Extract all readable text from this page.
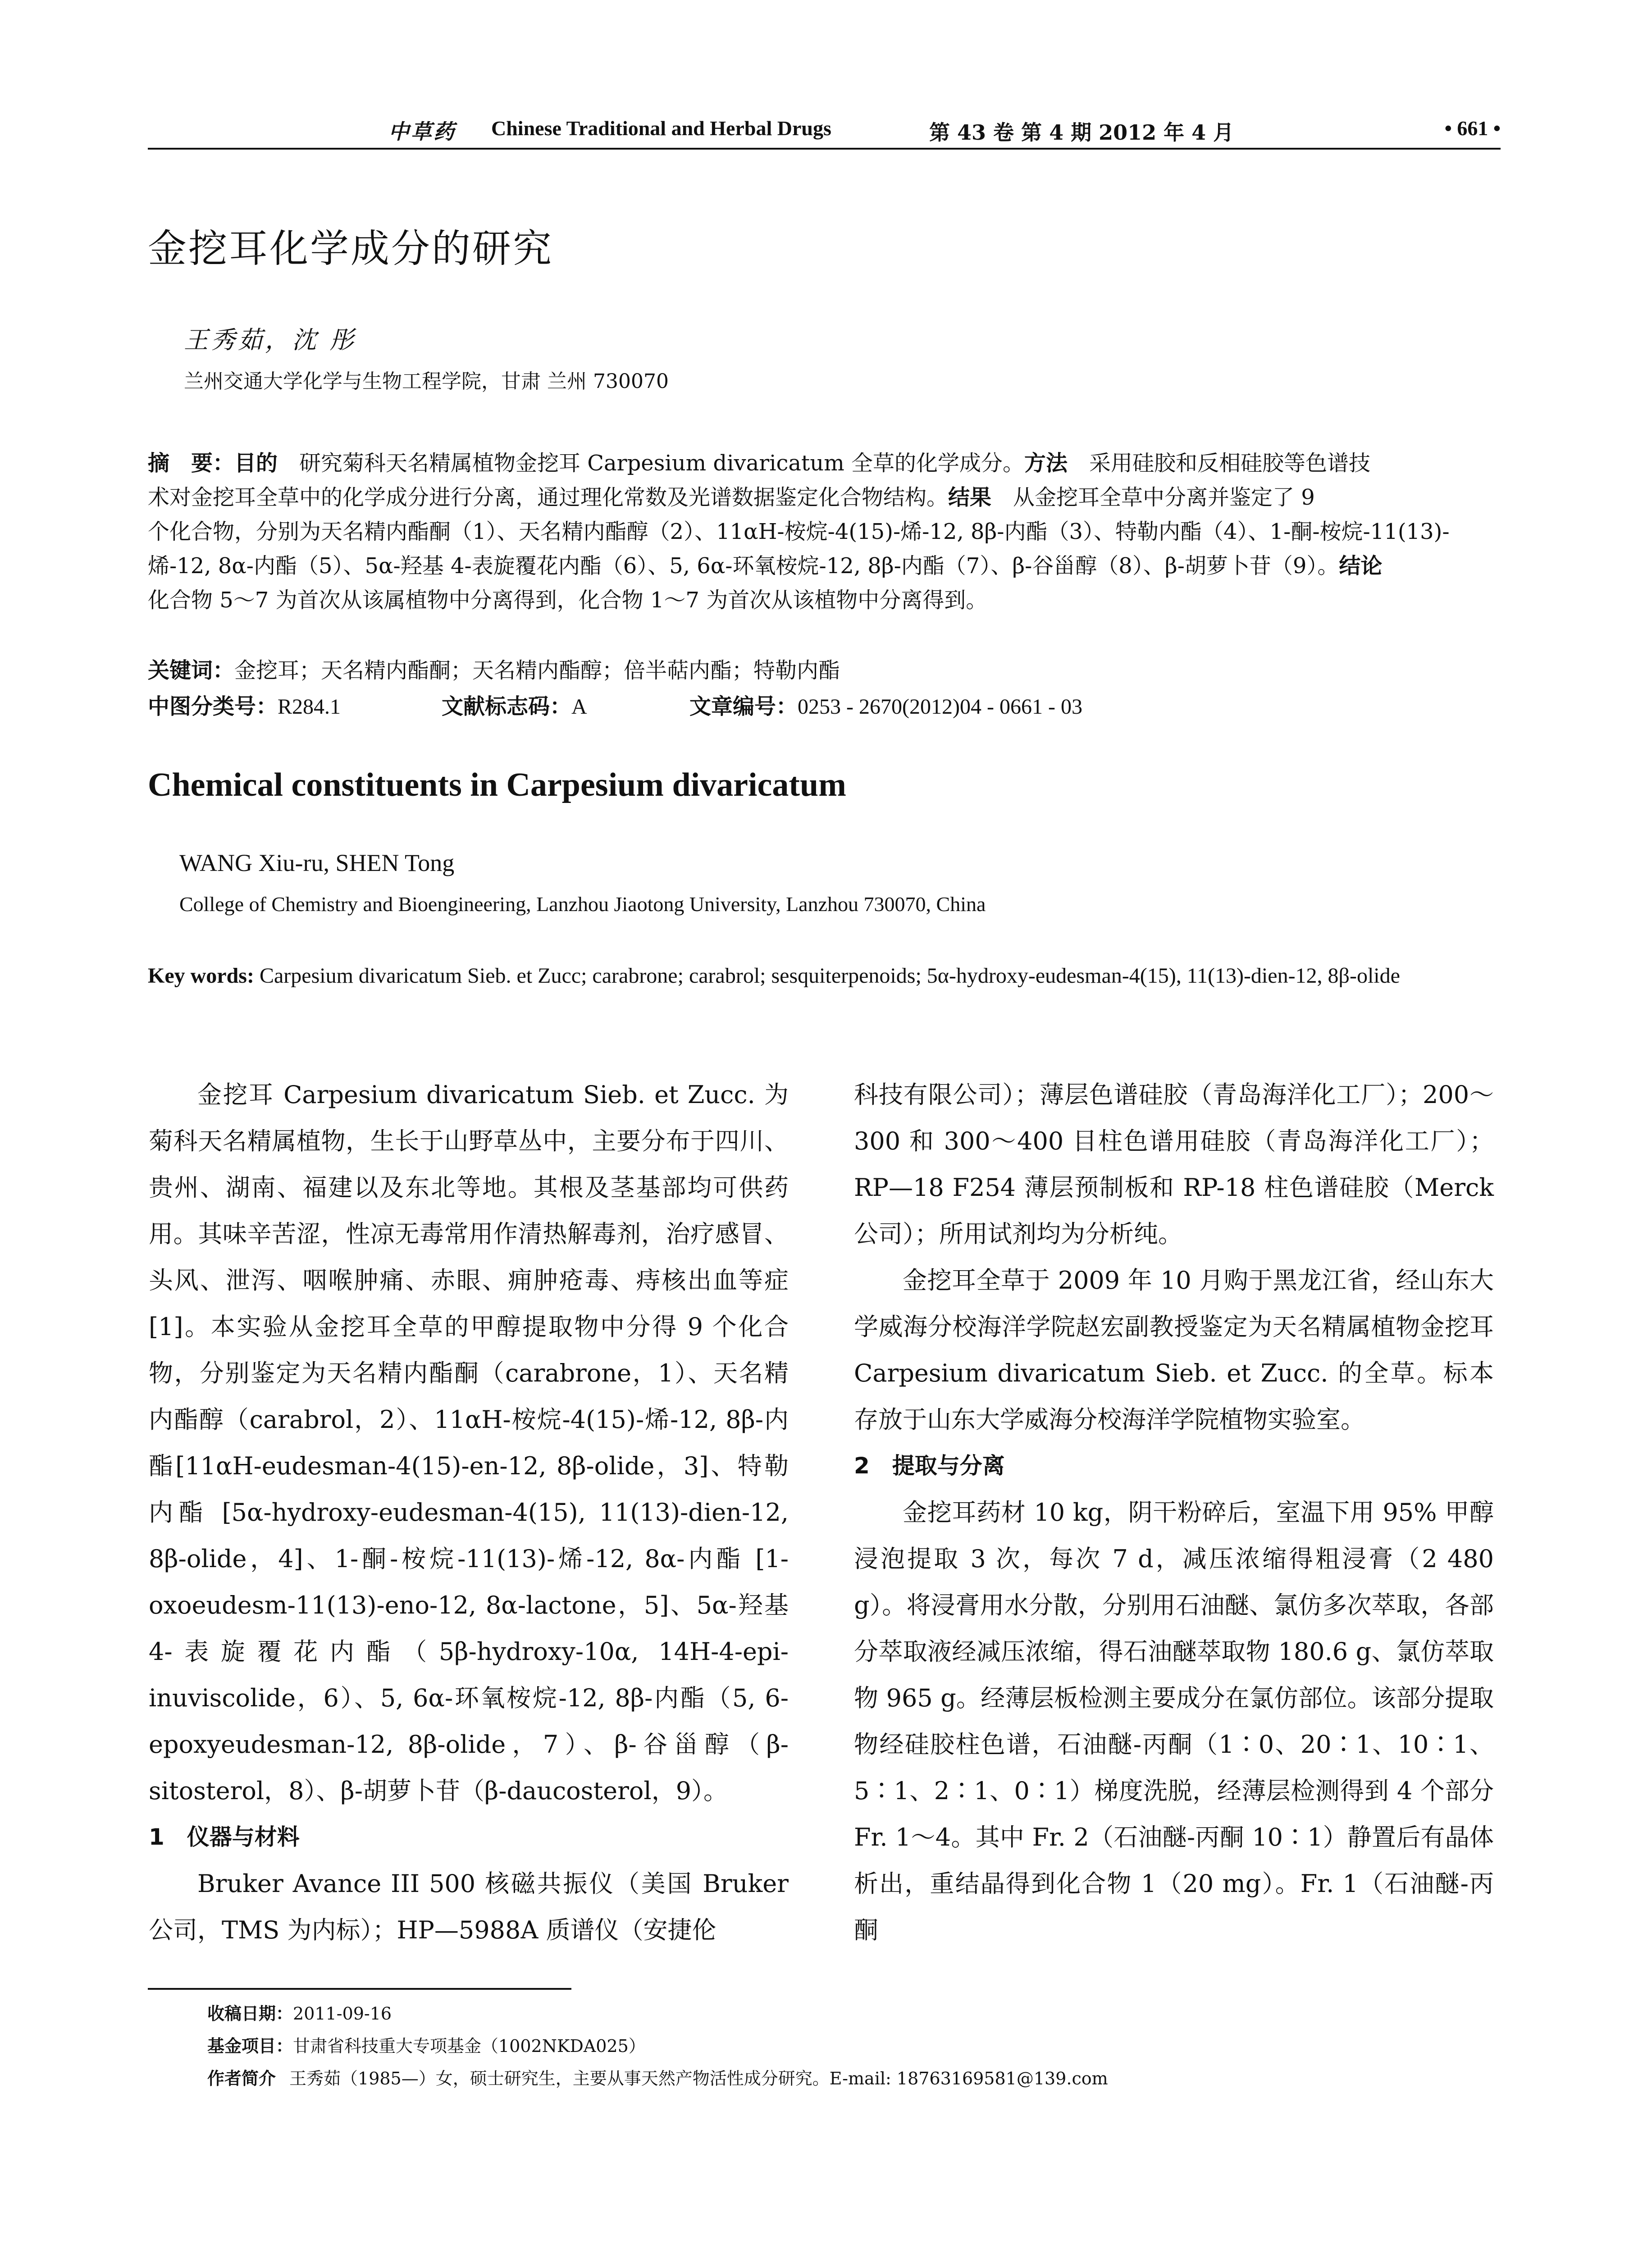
中草药 Chinese Traditional and Herbal Drugs	第 43 卷 第 4 期 2012 年 4 月	• 661 •
金挖耳化学成分的研究
王秀茹，沈 彤
兰州交通大学化学与生物工程学院，甘肃 兰州 730070
摘　要：目的　研究菊科天名精属植物金挖耳 Carpesium divaricatum 全草的化学成分。方法　采用硅胶和反相硅胶等色谱技
术对金挖耳全草中的化学成分进行分离，通过理化常数及光谱数据鉴定化合物结构。结果　从金挖耳全草中分离并鉴定了 9
个化合物，分别为天名精内酯酮（1）、天名精内酯醇（2）、11αH-桉烷-4(15)-烯-12, 8β-内酯（3）、特勒内酯（4）、1-酮-桉烷-11(13)-
烯-12, 8α-内酯（5）、5α-羟基 4-表旋覆花内酯（6）、5, 6α-环氧桉烷-12, 8β-内酯（7）、β-谷甾醇（8）、β-胡萝卜苷（9）。结论
化合物 5～7 为首次从该属植物中分离得到，化合物 1～7 为首次从该植物中分离得到。
关键词：金挖耳；天名精内酯酮；天名精内酯醇；倍半萜内酯；特勒内酯
中图分类号：R284.1	文献标志码：A	文章编号：0253 - 2670(2012)04 - 0661 - 03
Chemical constituents in Carpesium divaricatum
WANG Xiu-ru, SHEN Tong
College of Chemistry and Bioengineering, Lanzhou Jiaotong University, Lanzhou 730070, China
Key words: Carpesium divaricatum Sieb. et Zucc; carabrone; carabrol; sesquiterpenoids; 5α-hydroxy-eudesman-4(15), 11(13)-dien-12, 8β-olide

金挖耳 Carpesium divaricatum Sieb. et Zucc. 为菊科天名精属植物，生长于山野草丛中，主要分布于四川、贵州、湖南、福建以及东北等地。其根及茎基部均可供药用。其味辛苦涩，性凉无毒常用作清热解毒剂，治疗感冒、头风、泄泻、咽喉肿痛、赤眼、痈肿疮毒、痔核出血等症[1]。本实验从金挖耳全草的甲醇提取物中分得 9 个化合物，分别鉴定为天名精内酯酮（carabrone，1）、天名精内酯醇（carabrol，2）、11αH-桉烷-4(15)-烯-12, 8β-内酯[11αH-eudesman-4(15)-en-12, 8β-olide，3]、特勒内酯 [5α-hydroxy-eudesman-4(15), 11(13)-dien-12, 8β-olide，4]、1-酮-桉烷-11(13)-烯-12, 8α-内酯 [1-oxoeudesm-11(13)-eno-12, 8α-lactone，5]、5α-羟基 4-表旋覆花内酯（5β-hydroxy-10α, 14H-4-epi-inuviscolide，6）、5, 6α-环氧桉烷-12, 8β-内酯（5, 6-epoxyeudesman-12, 8β-olide，7）、β-谷甾醇（β-sitosterol，8）、β-胡萝卜苷（β-daucosterol，9）。

1　仪器与材料

Bruker Avance III 500 核磁共振仪（美国 Bruker 公司，TMS 为内标）；HP—5988A 质谱仪（安捷伦

科技有限公司）；薄层色谱硅胶（青岛海洋化工厂）；200～300 和 300～400 目柱色谱用硅胶（青岛海洋化工厂）；RP—18 F254 薄层预制板和 RP-18 柱色谱硅胶（Merck 公司）；所用试剂均为分析纯。

金挖耳全草于 2009 年 10 月购于黑龙江省，经山东大学威海分校海洋学院赵宏副教授鉴定为天名精属植物金挖耳 Carpesium divaricatum Sieb. et Zucc. 的全草。标本存放于山东大学威海分校海洋学院植物实验室。

2　提取与分离

金挖耳药材 10 kg，阴干粉碎后，室温下用 95% 甲醇浸泡提取 3 次，每次 7 d，减压浓缩得粗浸膏（2 480 g）。将浸膏用水分散，分别用石油醚、氯仿多次萃取，各部分萃取液经减压浓缩，得石油醚萃取物 180.6 g、氯仿萃取物 965 g。经薄层板检测主要成分在氯仿部位。该部分提取物经硅胶柱色谱，石油醚-丙酮（1∶0、20∶1、10∶1、5∶1、2∶1、0∶1）梯度洗脱，经薄层检测得到 4 个部分 Fr. 1～4。其中 Fr. 2（石油醚-丙酮 10∶1）静置后有晶体析出，重结晶得到化合物 1（20 mg）。Fr. 1（石油醚-丙酮

收稿日期：2011-09-16
基金项目：甘肃省科技重大专项基金（1002NKDA025）
作者简介 王秀茹（1985—）女，硕士研究生，主要从事天然产物活性成分研究。E-mail: 18763169581@139.com
